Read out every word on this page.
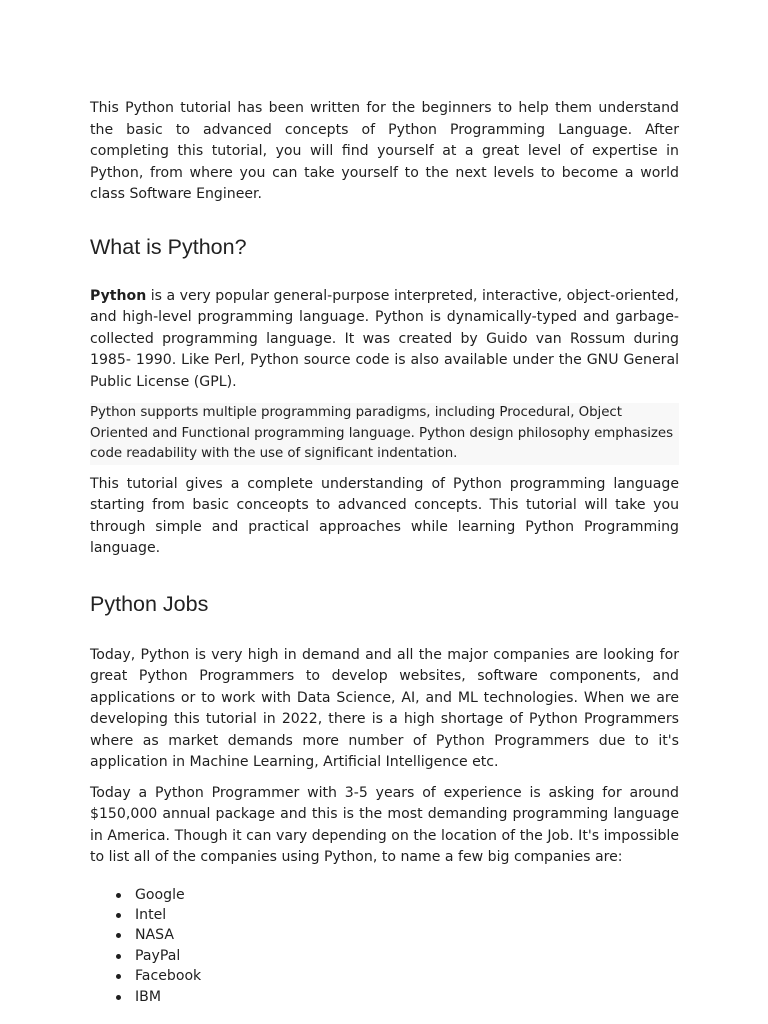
This Python tutorial has been written for the beginners to help them understand the basic to advanced concepts of Python Programming Language. After completing this tutorial, you will find yourself at a great level of expertise in Python, from where you can take yourself to the next levels to become a world class Software Engineer.

What is Python?

Python is a very popular general-purpose interpreted, interactive, object-oriented, and high-level programming language. Python is dynamically-typed and garbage-collected programming language. It was created by Guido van Rossum during 1985- 1990. Like Perl, Python source code is also available under the GNU General Public License (GPL).

Python supports multiple programming paradigms, including Procedural, Object Oriented and Functional programming language. Python design philosophy emphasizes code readability with the use of significant indentation.

This tutorial gives a complete understanding of Python programming language starting from basic conceopts to advanced concepts. This tutorial will take you through simple and practical approaches while learning Python Programming language.

Python Jobs

Today, Python is very high in demand and all the major companies are looking for great Python Programmers to develop websites, software components, and applications or to work with Data Science, AI, and ML technologies. When we are developing this tutorial in 2022, there is a high shortage of Python Programmers where as market demands more number of Python Programmers due to it's application in Machine Learning, Artificial Intelligence etc.

Today a Python Programmer with 3-5 years of experience is asking for around $150,000 annual package and this is the most demanding programming language in America. Though it can vary depending on the location of the Job. It's impossible to list all of the companies using Python, to name a few big companies are:

Google
Intel
NASA
PayPal
Facebook
IBM
